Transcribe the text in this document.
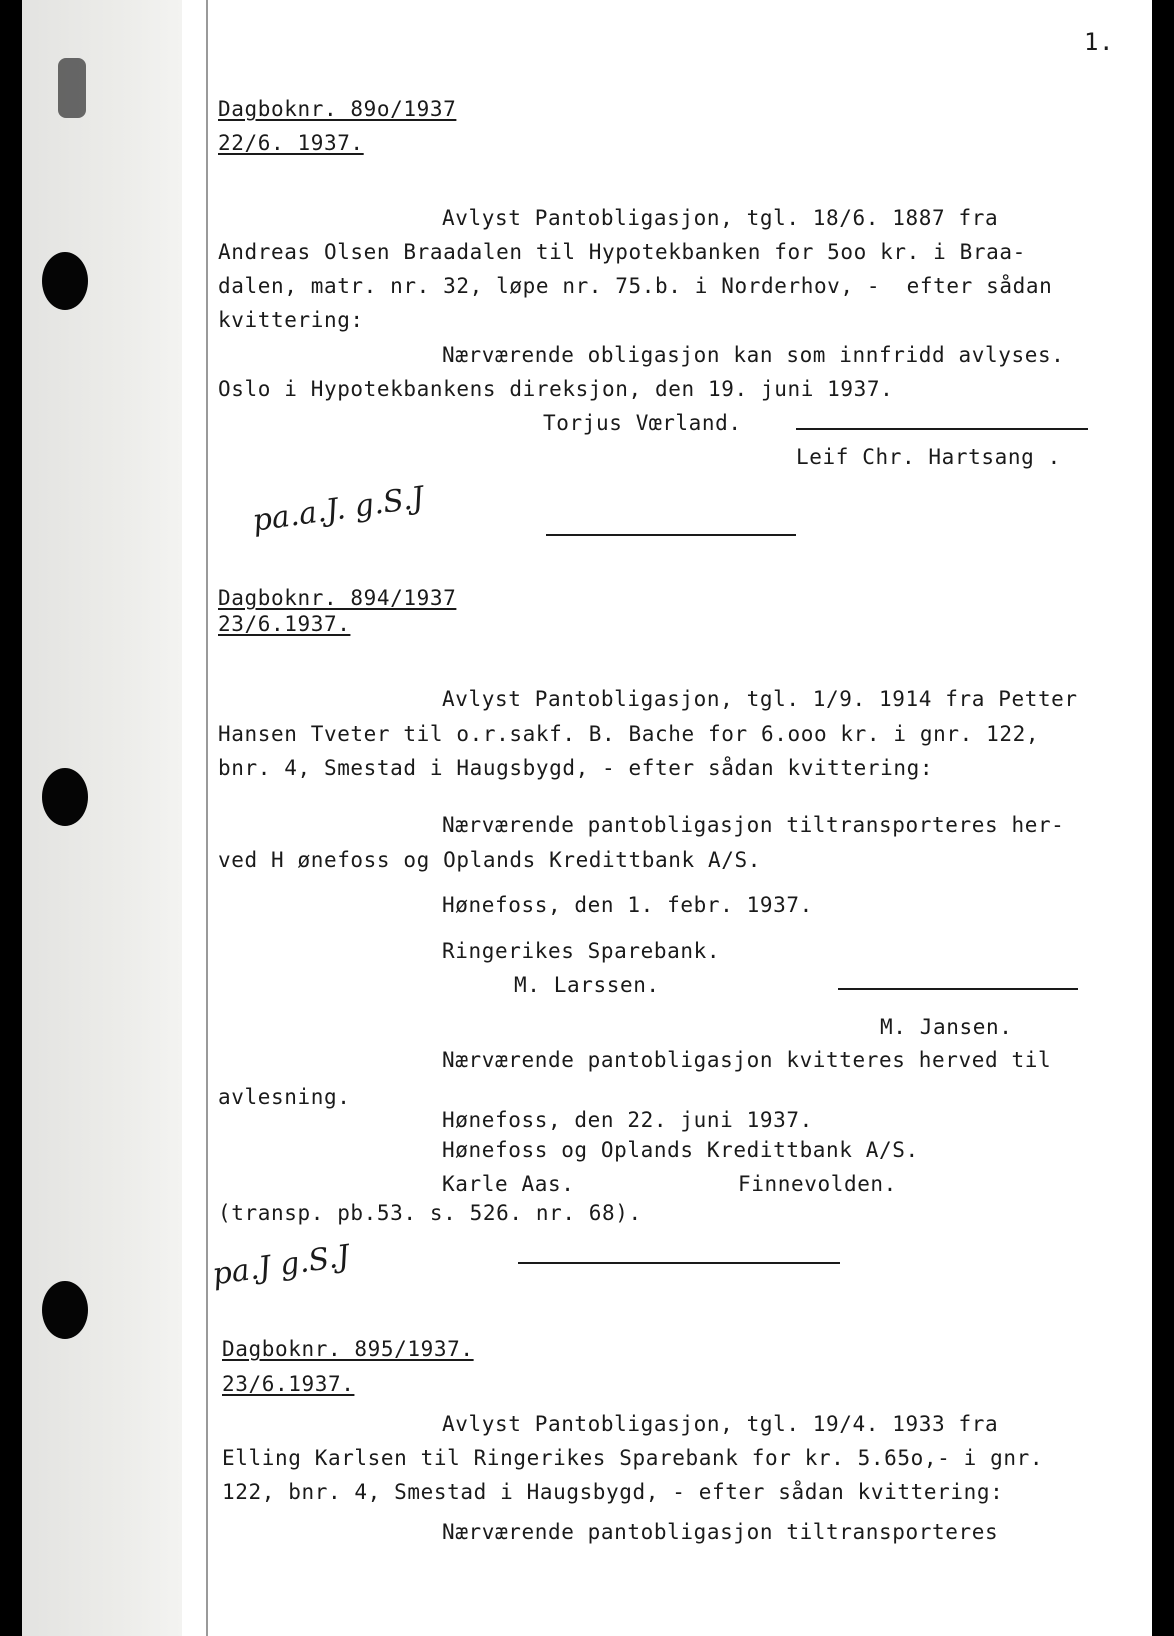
1.
Dagboknr. 89o/1937
22/6. 1937.
Avlyst Pantobligasjon, tgl. 18/6. 1887 fra
Andreas Olsen Braadalen til Hypotekbanken for 5oo kr. i Braa-
dalen, matr. nr. 32, løpe nr. 75.b. i Norderhov, -  efter sådan
kvittering:
Nærværende obligasjon kan som innfridd avlyses.
Oslo i Hypotekbankens direksjon, den 19. juni 1937.
Torjus Vœrland.
Leif Chr. Hartsang .
pa.a.J. g.S.J
Dagboknr. 894/1937
23/6.1937.
Avlyst Pantobligasjon, tgl. 1/9. 1914 fra Petter
Hansen Tveter til o.r.sakf. B. Bache for 6.ooo kr. i gnr. 122,
bnr. 4, Smestad i Haugsbygd, - efter sådan kvittering:
Nærværende pantobligasjon tiltransporteres her-
ved H ønefoss og Oplands Kredittbank A/S.
Hønefoss, den 1. febr. 1937.
Ringerikes Sparebank.
M. Larssen.
M. Jansen.
Nærværende pantobligasjon kvitteres herved til
avlesning.
Hønefoss, den 22. juni 1937.
Hønefoss og Oplands Kredittbank A/S.
Karle Aas.	Finnevolden.
(transp. pb.53. s. 526. nr. 68).
pa.J g.S.J
Dagboknr. 895/1937.
23/6.1937.
Avlyst Pantobligasjon, tgl. 19/4. 1933 fra
Elling Karlsen til Ringerikes Sparebank for kr. 5.65o,- i gnr.
122, bnr. 4, Smestad i Haugsbygd, - efter sådan kvittering:
Nærværende pantobligasjon tiltransporteres
